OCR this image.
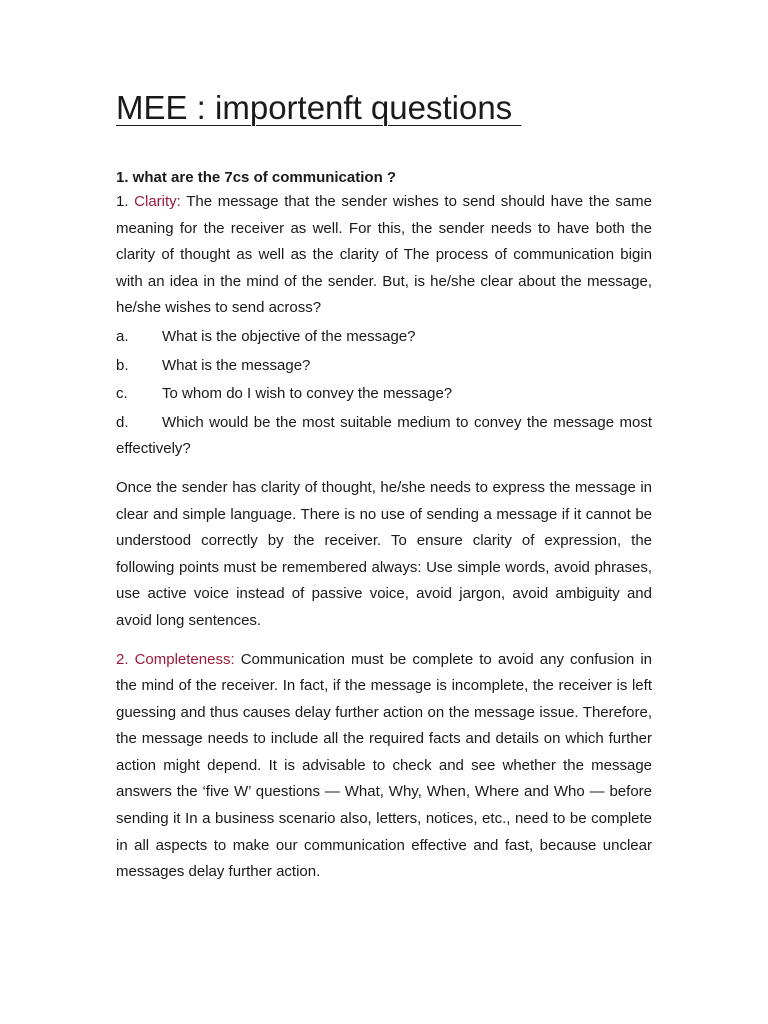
MEE : importenft questions

1. what are the 7cs of communication ?

1. Clarity: The message that the sender wishes to send should have the same meaning for the receiver as well. For this, the sender needs to have both the clarity of thought as well as the clarity of The process of communication bigin with an idea in the mind of the sender. But, is he/she clear about the message, he/she wishes to send across?

a.	What is the objective of the message?
b.	What is the message?
c.	To whom do I wish to convey the message?
d. Which would be the most suitable medium to convey the message most effectively?

Once the sender has clarity of thought, he/she needs to express the message in clear and simple language. There is no use of sending a message if it cannot be understood correctly by the receiver. To ensure clarity of expression, the following points must be remembered always: Use simple words, avoid phrases, use active voice instead of passive voice, avoid jargon, avoid ambiguity and avoid long sentences.

2. Completeness: Communication must be complete to avoid any confusion in the mind of the receiver. In fact, if the message is incomplete, the receiver is left guessing and thus causes delay further action on the message issue. Therefore, the message needs to include all the required facts and details on which further action might depend. It is advisable to check and see whether the message answers the ‘five W’ questions — What, Why, When, Where and Who — before sending it In a business scenario also, letters, notices, etc., need to be complete in all aspects to make our communication effective and fast, because unclear messages delay further action.
